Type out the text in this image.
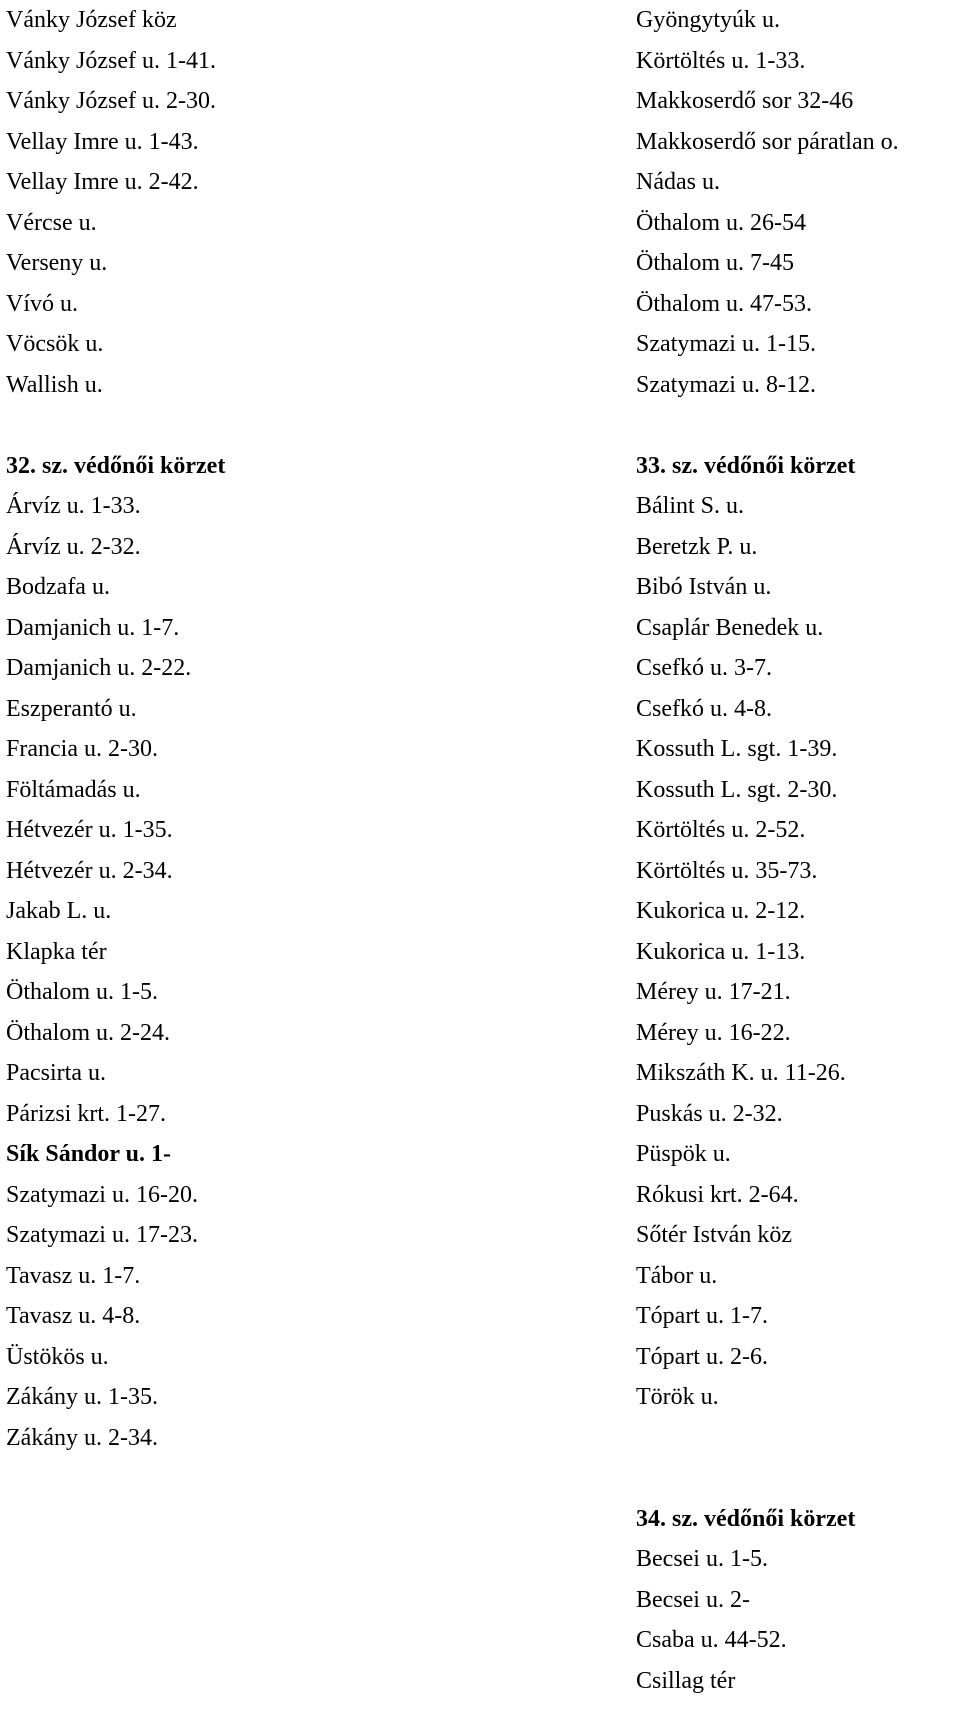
Vánky József köz
Vánky József u. 1-41.
Vánky József u. 2-30.
Vellay Imre u. 1-43.
Vellay Imre u. 2-42.
Vércse u.
Verseny u.
Vívó u.
Vöcsök u.
Wallish u.
32. sz. védőnői körzet
Árvíz u. 1-33.
Árvíz u. 2-32.
Bodzafa u.
Damjanich u. 1-7.
Damjanich u. 2-22.
Eszperantó u.
Francia u. 2-30.
Föltámadás u.
Hétvezér u. 1-35.
Hétvezér u. 2-34.
Jakab L. u.
Klapka tér
Öthalom u. 1-5.
Öthalom u. 2-24.
Pacsirta u.
Párizsi krt. 1-27.
Sík Sándor u. 1-
Szatymazi u. 16-20.
Szatymazi u. 17-23.
Tavasz u. 1-7.
Tavasz u. 4-8.
Üstökös u.
Zákány u. 1-35.
Zákány u. 2-34.
Gyöngytyúk u.
Körtöltés u. 1-33.
Makkoserdő sor 32-46
Makkoserdő sor páratlan o.
Nádas u.
Öthalom u. 26-54
Öthalom u. 7-45
Öthalom u. 47-53.
Szatymazi u. 1-15.
Szatymazi u. 8-12.
33. sz. védőnői körzet
Bálint S. u.
Beretzk P. u.
Bibó István u.
Csaplár Benedek u.
Csefkó u. 3-7.
Csefkó u. 4-8.
Kossuth L. sgt. 1-39.
Kossuth L. sgt. 2-30.
Körtöltés u. 2-52.
Körtöltés u. 35-73.
Kukorica u. 2-12.
Kukorica u. 1-13.
Mérey u. 17-21.
Mérey u. 16-22.
Mikszáth K. u. 11-26.
Puskás u. 2-32.
Püspök u.
Rókusi krt. 2-64.
Sőtér István köz
Tábor u.
Tópart u. 1-7.
Tópart u. 2-6.
Török u.
34. sz. védőnői körzet
Becsei u. 1-5.
Becsei u. 2-
Csaba u. 44-52.
Csillag tér
